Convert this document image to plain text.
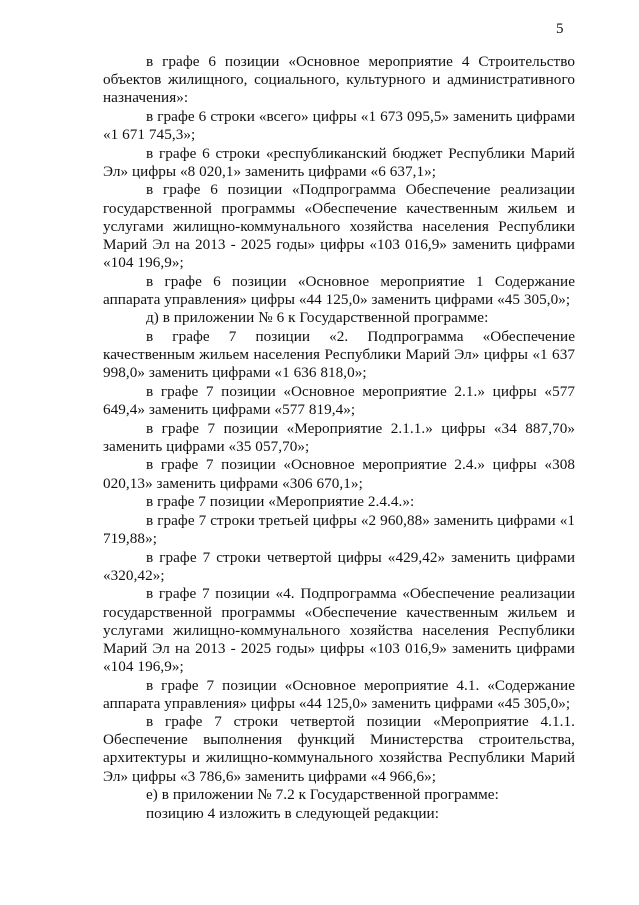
5

в графе 6 позиции «Основное мероприятие 4 Строительство объектов жилищного, социального, культурного и административного назначения»:

в графе 6 строки «всего» цифры «1 673 095,5» заменить цифрами «1 671 745,3»;

в графе 6 строки «республиканский бюджет Республики Марий Эл» цифры «8 020,1» заменить цифрами «6 637,1»;

в графе 6 позиции «Подпрограмма Обеспечение реализации государственной программы «Обеспечение качественным жильем и услугами жилищно-коммунального хозяйства населения Республики Марий Эл на 2013 - 2025 годы» цифры «103 016,9» заменить цифрами «104 196,9»;

в графе 6 позиции «Основное мероприятие 1 Содержание аппарата управления» цифры «44 125,0» заменить цифрами «45 305,0»;

д) в приложении № 6 к Государственной программе:

в графе 7 позиции «2. Подпрограмма «Обеспечение качественным жильем населения Республики Марий Эл» цифры «1 637 998,0» заменить цифрами «1 636 818,0»;

в графе 7 позиции «Основное мероприятие 2.1.» цифры «577 649,4» заменить цифрами «577 819,4»;

в графе 7 позиции «Мероприятие 2.1.1.» цифры «34 887,70» заменить цифрами «35 057,70»;

в графе 7 позиции «Основное мероприятие 2.4.» цифры «308 020,13» заменить цифрами «306 670,1»;

в графе 7 позиции «Мероприятие 2.4.4.»:

в графе 7 строки третьей цифры «2 960,88» заменить цифрами «1 719,88»;

в графе 7 строки четвертой цифры «429,42» заменить цифрами «320,42»;

в графе 7 позиции «4. Подпрограмма «Обеспечение реализации государственной программы «Обеспечение качественным жильем и услугами жилищно-коммунального хозяйства населения Республики Марий Эл на 2013 - 2025 годы» цифры «103 016,9» заменить цифрами «104 196,9»;

в графе 7 позиции «Основное мероприятие 4.1. «Содержание аппарата управления» цифры «44 125,0» заменить цифрами «45 305,0»;

в графе 7 строки четвертой позиции «Мероприятие 4.1.1. Обеспечение выполнения функций Министерства строительства, архитектуры и жилищно-коммунального хозяйства Республики Марий Эл» цифры «3 786,6» заменить цифрами «4 966,6»;

е) в приложении № 7.2 к Государственной программе:

позицию 4 изложить в следующей редакции:
